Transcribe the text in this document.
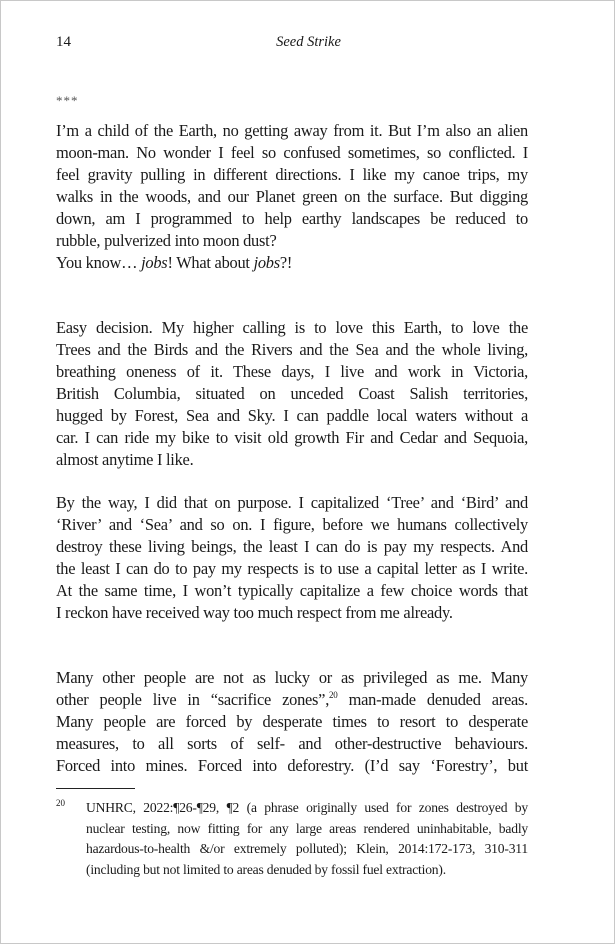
14	Seed Strike
***
I’m a child of the Earth, no getting away from it. But I’m also an alien
moon-man. No wonder I feel so confused sometimes, so conflicted. I
feel gravity pulling in different directions. I like my canoe trips, my
walks in the woods, and our Planet green on the surface. But digging
down, am I programmed to help earthy landscapes be reduced to
rubble, pulverized into moon dust?
You know… jobs! What about jobs?!
Easy decision. My higher calling is to love this Earth, to love the
Trees and the Birds and the Rivers and the Sea and the whole living,
breathing oneness of it. These days, I live and work in Victoria,
British Columbia, situated on unceded Coast Salish territories,
hugged by Forest, Sea and Sky. I can paddle local waters without a
car. I can ride my bike to visit old growth Fir and Cedar and Sequoia,
almost anytime I like.
By the way, I did that on purpose. I capitalized ‘Tree’ and ‘Bird’ and
‘River’ and ‘Sea’ and so on. I figure, before we humans collectively
destroy these living beings, the least I can do is pay my respects. And
the least I can do to pay my respects is to use a capital letter as I write.
At the same time, I won’t typically capitalize a few choice words that
I reckon have received way too much respect from me already.
Many other people are not as lucky or as privileged as me. Many
other people live in “sacrifice zones”,$^{20}$ man-made denuded areas.
Many people are forced by desperate times to resort to desperate
measures, to all sorts of self- and other-destructive behaviours.
Forced into mines. Forced into deforestry. (I’d say ‘Forestry’, but
20 UNHRC, 2022:¶26-¶29, ¶2 (a phrase originally used for zones destroyed by
nuclear testing, now fitting for any large areas rendered uninhabitable, badly
hazardous-to-health &/or extremely polluted); Klein, 2014:172-173, 310-311
(including but not limited to areas denuded by fossil fuel extraction).
